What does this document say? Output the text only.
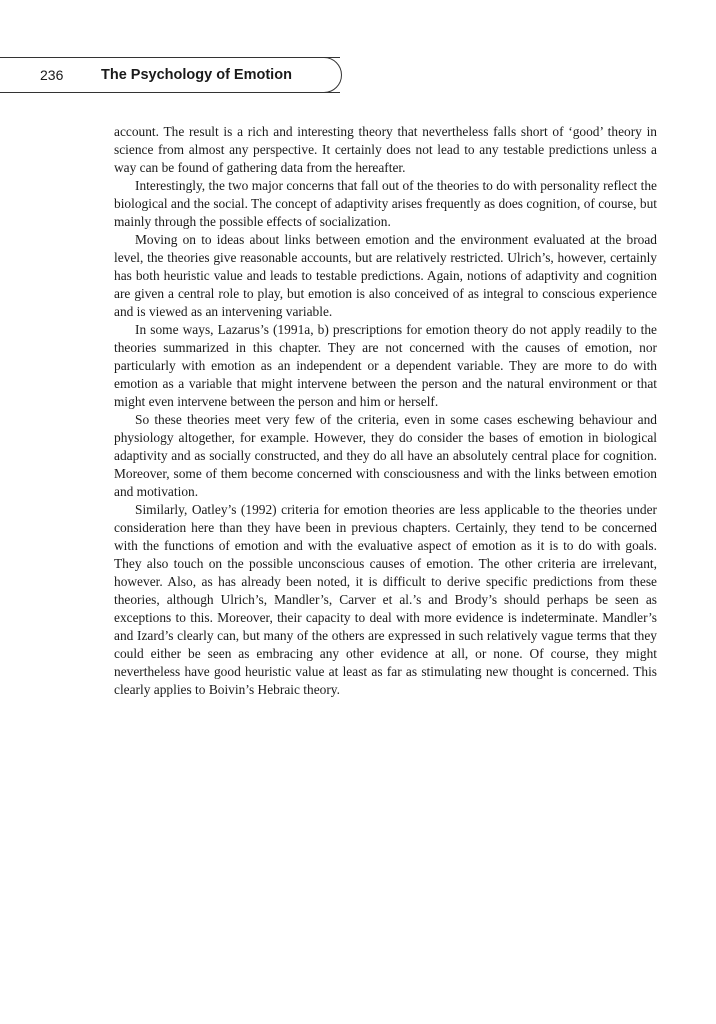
236	The Psychology of Emotion

account. The result is a rich and interesting theory that nevertheless falls short of ‘good’ theory in science from almost any perspective. It certainly does not lead to any testable predictions unless a way can be found of gathering data from the hereafter.

Interestingly, the two major concerns that fall out of the theories to do with personality reflect the biological and the social. The concept of adaptivity arises frequently as does cognition, of course, but mainly through the possible effects of socialization.

Moving on to ideas about links between emotion and the environment evaluated at the broad level, the theories give reasonable accounts, but are relatively restricted. Ulrich’s, however, certainly has both heuristic value and leads to testable predictions. Again, notions of adaptivity and cognition are given a central role to play, but emotion is also conceived of as integral to conscious experience and is viewed as an intervening variable.

In some ways, Lazarus’s (1991a, b) prescriptions for emotion theory do not apply readily to the theories summarized in this chapter. They are not concerned with the causes of emotion, nor particularly with emotion as an independent or a dependent variable. They are more to do with emotion as a variable that might intervene between the person and the natural environment or that might even intervene between the person and him or herself.

So these theories meet very few of the criteria, even in some cases eschewing behaviour and physiology altogether, for example. However, they do consider the bases of emotion in biological adaptivity and as socially constructed, and they do all have an absolutely central place for cognition. Moreover, some of them become concerned with consciousness and with the links between emotion and motivation.

Similarly, Oatley’s (1992) criteria for emotion theories are less applicable to the theories under consideration here than they have been in previous chapters. Certainly, they tend to be concerned with the functions of emotion and with the evaluative aspect of emotion as it is to do with goals. They also touch on the possible unconscious causes of emotion. The other criteria are irrelevant, however. Also, as has already been noted, it is difficult to derive specific predictions from these theories, although Ulrich’s, Mandler’s, Carver et al.’s and Brody’s should perhaps be seen as exceptions to this. Moreover, their capacity to deal with more evidence is indeterminate. Mandler’s and Izard’s clearly can, but many of the others are expressed in such relatively vague terms that they could either be seen as embracing any other evidence at all, or none. Of course, they might nevertheless have good heuristic value at least as far as stimulating new thought is concerned. This clearly applies to Boivin’s Hebraic theory.
